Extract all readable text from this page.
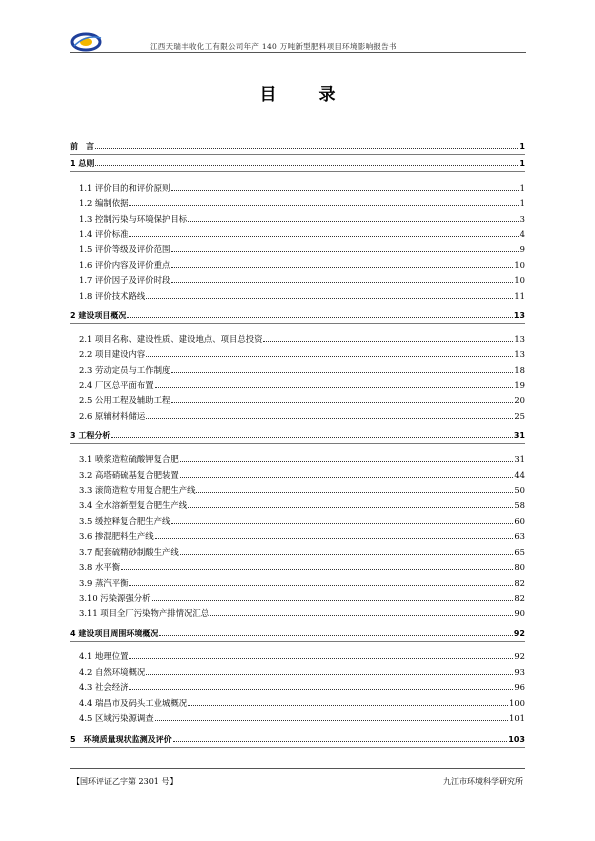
江西天瑞丰收化工有限公司年产 140 万吨新型肥料项目环境影响报告书
目 录
前　言	1
1 总则	1
1.1 评价目的和评价原则	1
1.2 编制依据	1
1.3 控制污染与环境保护目标	3
1.4 评价标准	4
1.5 评价等级及评价范围	9
1.6 评价内容及评价重点	10
1.7 评价因子及评价时段	10
1.8 评价技术路线	11
2 建设项目概况	13
2.1 项目名称、建设性质、建设地点、项目总投资	13
2.2 项目建设内容	13
2.3 劳动定员与工作制度	18
2.4 厂区总平面布置	19
2.5 公用工程及辅助工程	20
2.6 原辅材料储运	25
3 工程分析	31
3.1 喷浆造粒硫酸钾复合肥	31
3.2 高塔硝硫基复合肥装置	44
3.3 滚筒造粒专用复合肥生产线	50
3.4 全水溶新型复合肥生产线	58
3.5 缓控释复合肥生产线	60
3.6 掺混肥料生产线	63
3.7 配套硫精砂制酸生产线	65
3.8 水平衡	80
3.9 蒸汽平衡	82
3.10 污染源强分析	82
3.11 项目全厂污染物产排情况汇总	90
4 建设项目周围环境概况	92
4.1 地理位置	92
4.2 自然环境概况	93
4.3 社会经济	96
4.4 瑞昌市及码头工业城概况	100
4.5 区域污染源调查	101
5　环境质量现状监测及评价	103
【国环评证乙字第 2301 号】	九江市环境科学研究所
